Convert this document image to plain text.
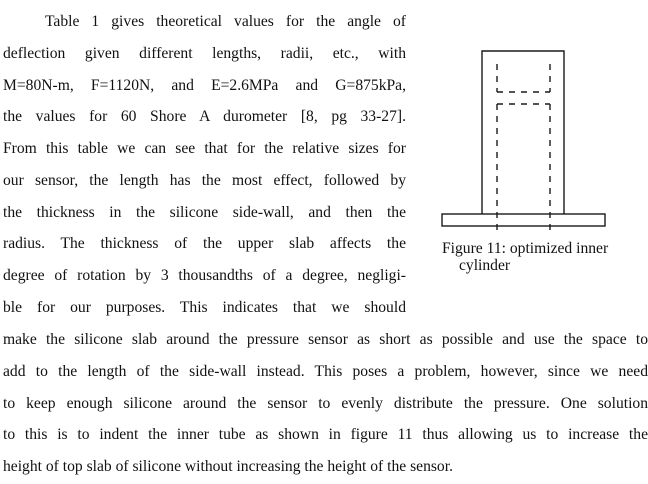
Table 1 gives theoretical values for the angle of
deflection given different lengths, radii, etc., with
M=80N-m, F=1120N, and E=2.6MPa and G=875kPa,
the values for 60 Shore A durometer [8, pg 33-27].
From this table we can see that for the relative sizes for
our sensor, the length has the most effect, followed by
the thickness in the silicone side-wall, and then the
radius. The thickness of the upper slab affects the
degree of rotation by 3 thousandths of a degree, negligi-
ble for our purposes. This indicates that we should

Figure 11: optimized inner
cylinder

make the silicone slab around the pressure sensor as short as possible and use the space to
add to the length of the side-wall instead. This poses a problem, however, since we need
to keep enough silicone around the sensor to evenly distribute the pressure. One solution
to this is to indent the inner tube as shown in figure 11 thus allowing us to increase the
height of top slab of silicone without increasing the height of the sensor.
